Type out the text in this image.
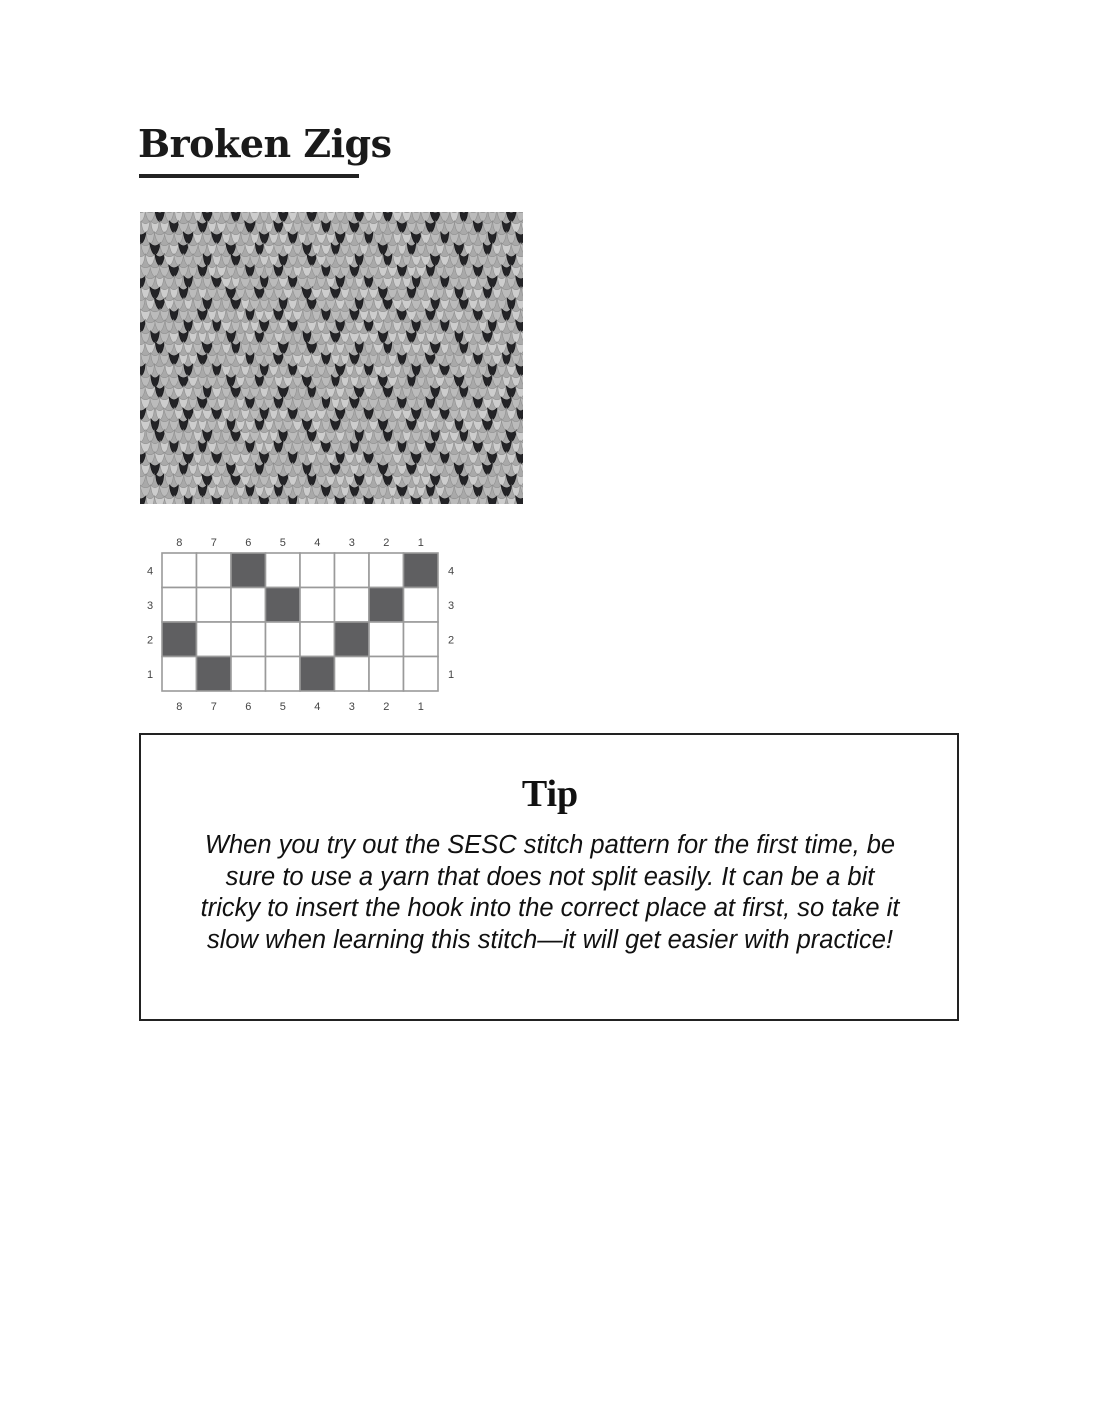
Broken Zigs
4	4
3	3
2	2
1	1
8	7	6	5	4	3	2	1
8	7	6	5	4	3	2	1
Tip
When you try out the SESC stitch pattern for the first time, be
sure to use a yarn that does not split easily. It can be a bit
tricky to insert the hook into the correct place at first, so take it
slow when learning this stitch—it will get easier with practice!
